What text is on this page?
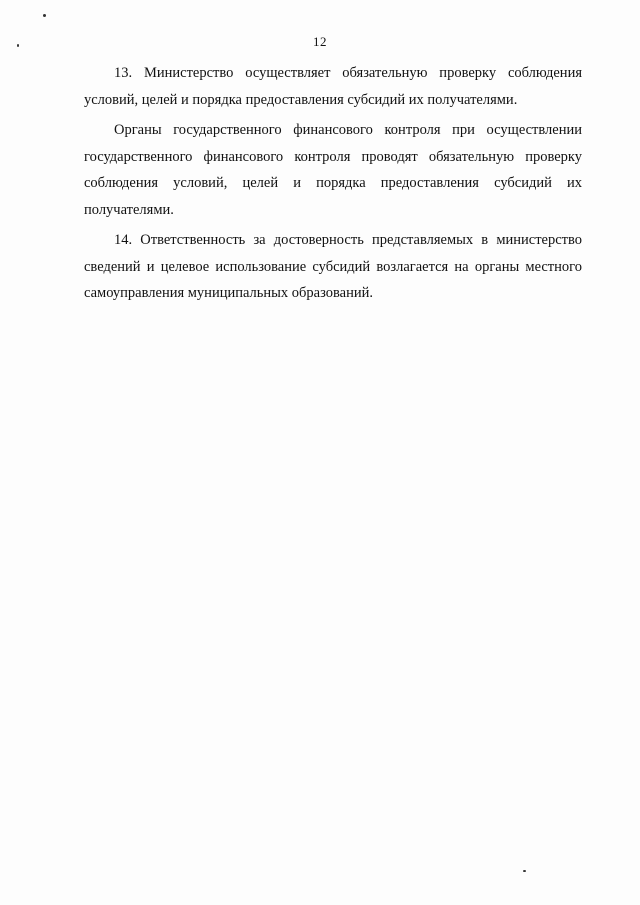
12

13. Министерство осуществляет обязательную проверку соблюдения условий, целей и порядка предоставления субсидий их получателями.

Органы государственного финансового контроля при осуществлении государственного финансового контроля проводят обязательную проверку соблюдения условий, целей и порядка предоставления субсидий их получателями.

14. Ответственность за достоверность представляемых в министерство сведений и целевое использование субсидий возлагается на органы местного самоуправления муниципальных образований.
